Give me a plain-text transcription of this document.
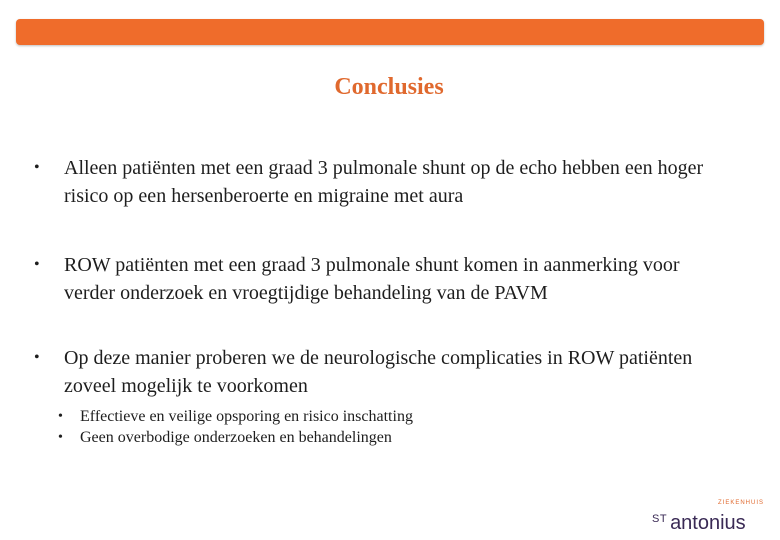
Conclusies
•	Alleen patiënten met een graad 3 pulmonale shunt op de echo hebben een hoger risico op een hersenberoerte en migraine met aura
•	ROW patiënten met een graad 3 pulmonale shunt komen in aanmerking voor verder onderzoek en vroegtijdige behandeling van de PAVM
•	Op deze manier proberen we de neurologische complicaties in ROW patiënten zoveel mogelijk te voorkomen
•	Effectieve en veilige opsporing en risico inschatting
•	Geen overbodige onderzoeken en behandelingen
ZIEKENHUIS
$^{ST}$ antonius
